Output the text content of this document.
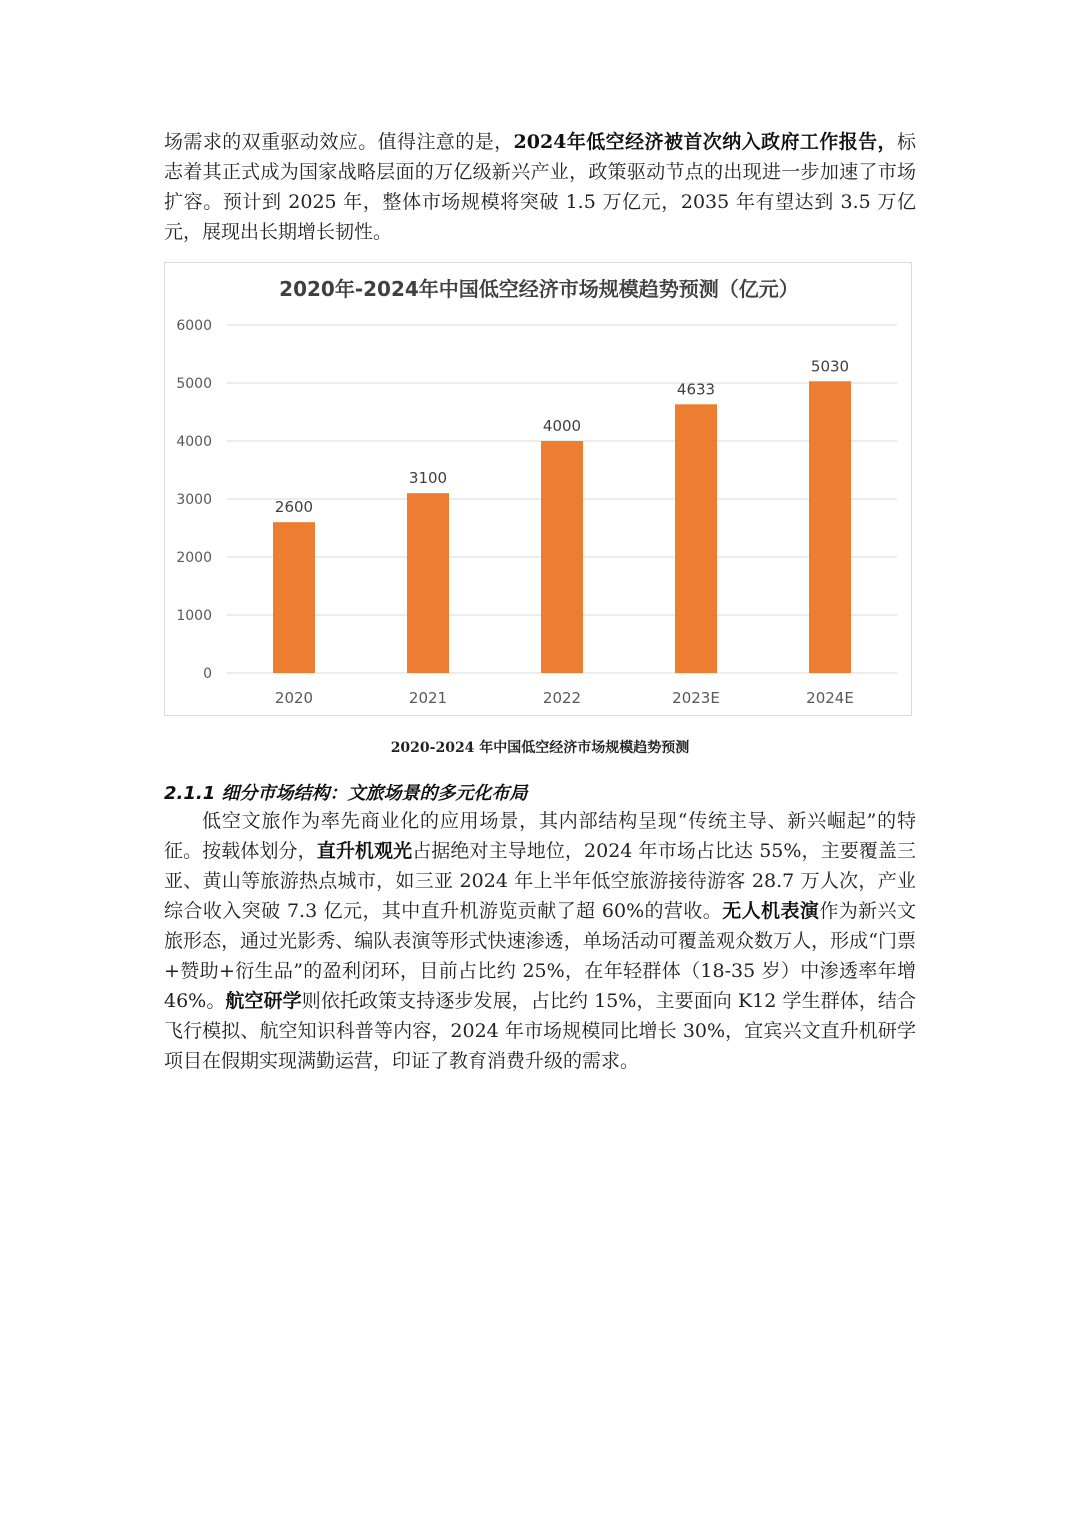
场需求的双重驱动效应。值得注意的是，2024年低空经济被首次纳入政府工作报告，标志着其正式成为国家战略层面的万亿级新兴产业，政策驱动节点的出现进一步加速了市场扩容。预计到 2025 年，整体市场规模将突破 1.5 万亿元，2035 年有望达到 3.5 万亿元，展现出长期增长韧性。
2020年-2024年中国低空经济市场规模趋势预测（亿元）
0
1000
2000
3000
4000
5000
6000
2600
2020
3100
2021
4000
2022
4633
2023E
5030
2024E
2020-2024 年中国低空经济市场规模趋势预测
2.1.1 细分市场结构：文旅场景的多元化布局
低空文旅作为率先商业化的应用场景，其内部结构呈现“传统主导、新兴崛起”的特征。按载体划分，直升机观光占据绝对主导地位，2024 年市场占比达 55%，主要覆盖三亚、黄山等旅游热点城市，如三亚 2024 年上半年低空旅游接待游客 28.7 万人次，产业综合收入突破 7.3 亿元，其中直升机游览贡献了超 60%的营收。无人机表演作为新兴文旅形态，通过光影秀、编队表演等形式快速渗透，单场活动可覆盖观众数万人，形成“门票+赞助+衍生品”的盈利闭环，目前占比约 25%，在年轻群体（18-35 岁）中渗透率年增 46%。航空研学则依托政策支持逐步发展，占比约 15%，主要面向 K12 学生群体，结合飞行模拟、航空知识科普等内容，2024 年市场规模同比增长 30%，宜宾兴文直升机研学项目在假期实现满勤运营，印证了教育消费升级的需求。
